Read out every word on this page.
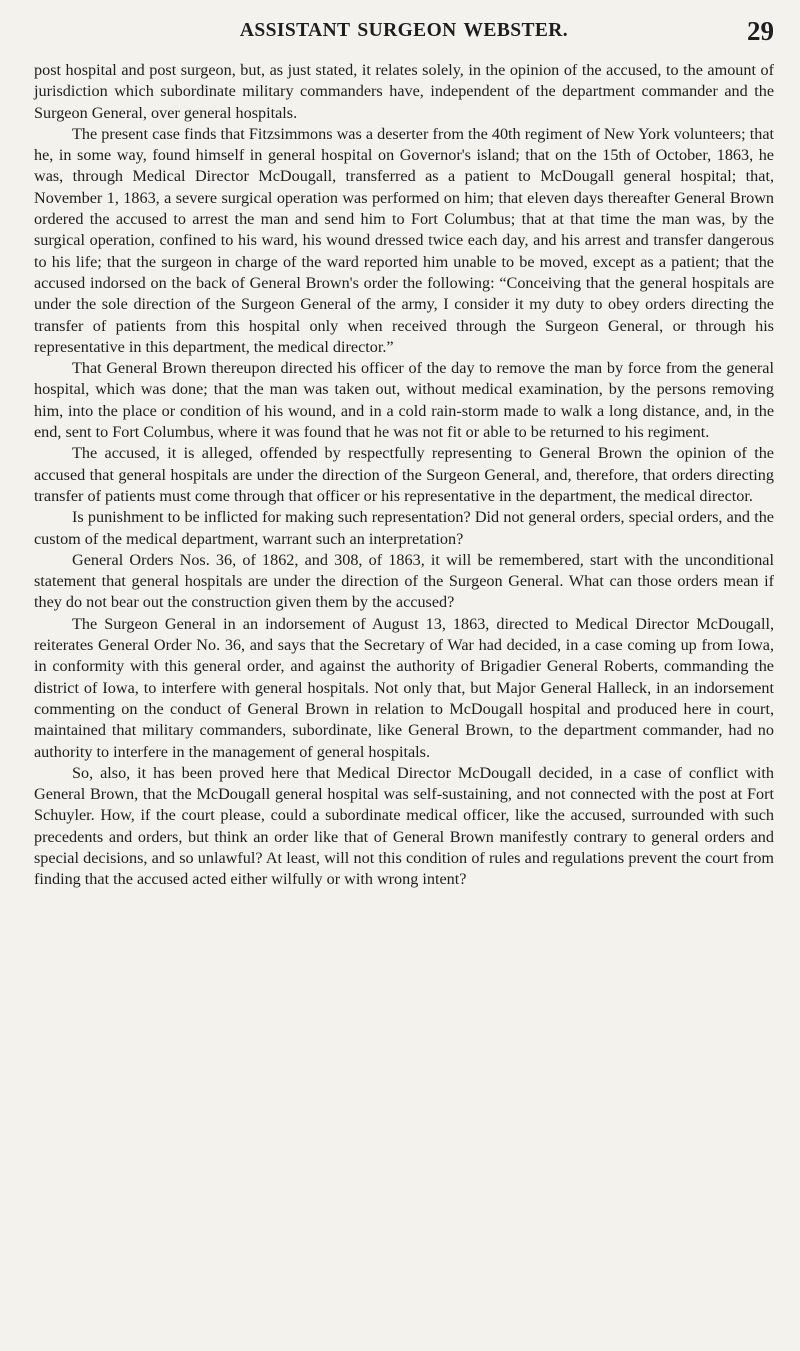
ASSISTANT SURGEON WEBSTER.	29

post hospital and post surgeon, but, as just stated, it relates solely, in the opinion of the accused, to the amount of jurisdiction which subordinate military commanders have, independent of the department commander and the Surgeon General, over general hospitals.

The present case finds that Fitzsimmons was a deserter from the 40th regiment of New York volunteers; that he, in some way, found himself in general hospital on Governor's island; that on the 15th of October, 1863, he was, through Medical Director McDougall, transferred as a patient to McDougall general hospital; that, November 1, 1863, a severe surgical operation was performed on him; that eleven days thereafter General Brown ordered the accused to arrest the man and send him to Fort Columbus; that at that time the man was, by the surgical operation, confined to his ward, his wound dressed twice each day, and his arrest and transfer dangerous to his life; that the surgeon in charge of the ward reported him unable to be moved, except as a patient; that the accused indorsed on the back of General Brown's order the following: “Conceiving that the general hospitals are under the sole direction of the Surgeon General of the army, I consider it my duty to obey orders directing the transfer of patients from this hospital only when received through the Surgeon General, or through his representative in this department, the medical director.”

That General Brown thereupon directed his officer of the day to remove the man by force from the general hospital, which was done; that the man was taken out, without medical examination, by the persons removing him, into the place or condition of his wound, and in a cold rain-storm made to walk a long distance, and, in the end, sent to Fort Columbus, where it was found that he was not fit or able to be returned to his regiment.

The accused, it is alleged, offended by respectfully representing to General Brown the opinion of the accused that general hospitals are under the direction of the Surgeon General, and, therefore, that orders directing transfer of patients must come through that officer or his representative in the department, the medical director.

Is punishment to be inflicted for making such representation? Did not general orders, special orders, and the custom of the medical department, warrant such an interpretation?

General Orders Nos. 36, of 1862, and 308, of 1863, it will be remembered, start with the unconditional statement that general hospitals are under the direction of the Surgeon General. What can those orders mean if they do not bear out the construction given them by the accused?

The Surgeon General in an indorsement of August 13, 1863, directed to Medical Director McDougall, reiterates General Order No. 36, and says that the Secretary of War had decided, in a case coming up from Iowa, in conformity with this general order, and against the authority of Brigadier General Roberts, commanding the district of Iowa, to interfere with general hospitals. Not only that, but Major General Halleck, in an indorsement commenting on the conduct of General Brown in relation to McDougall hospital and produced here in court, maintained that military commanders, subordinate, like General Brown, to the department commander, had no authority to interfere in the management of general hospitals.

So, also, it has been proved here that Medical Director McDougall decided, in a case of conflict with General Brown, that the McDougall general hospital was self-sustaining, and not connected with the post at Fort Schuyler. How, if the court please, could a subordinate medical officer, like the accused, surrounded with such precedents and orders, but think an order like that of General Brown manifestly contrary to general orders and special decisions, and so unlawful? At least, will not this condition of rules and regulations prevent the court from finding that the accused acted either wilfully or with wrong intent?
